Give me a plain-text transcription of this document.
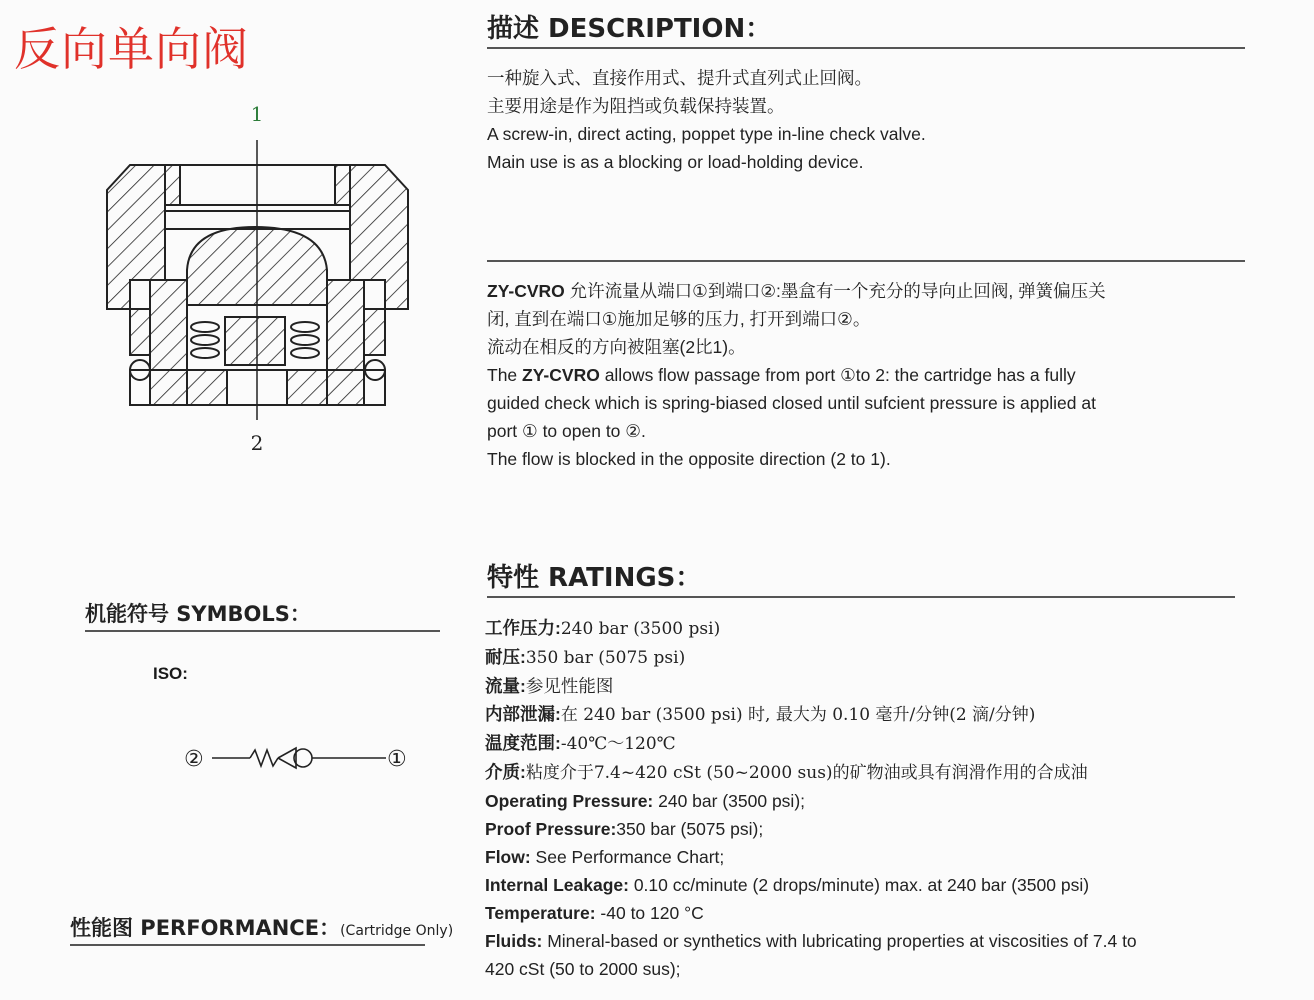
反向单向阀
1
2
描述 DESCRIPTION：
一种旋入式、直接作用式、提升式直列式止回阀。
主要用途是作为阻挡或负载保持装置。
A screw-in, direct acting, poppet type in-line check valve.
Main use is as a blocking or load-holding device.
ZY-CVRO 允许流量从端口①到端口②:墨盒有一个充分的导向止回阀, 弹簧偏压关
闭, 直到在端口①施加足够的压力, 打开到端口②。
流动在相反的方向被阻塞(2比1)。
The ZY-CVRO allows flow passage from port ①to 2: the cartridge has a fully
guided check which is spring-biased closed until sufcient pressure is applied at
port ① to open to ②.
The flow is blocked in the opposite direction (2 to 1).
机能符号 SYMBOLS：
ISO:
②	①
性能图 PERFORMANCE：(Cartridge Only)
特性 RATINGS：
工作压力:240 bar (3500 psi)
耐压:350 bar (5075 psi)
流量:参见性能图
内部泄漏:在 240 bar (3500 psi) 时, 最大为 0.10 毫升/分钟(2 滴/分钟)
温度范围:-40℃～120℃
介质:粘度介于7.4~420 cSt (50~2000 sus)的矿物油或具有润滑作用的合成油
Operating Pressure: 240 bar (3500 psi);
Proof Pressure:350 bar (5075 psi);
Flow: See Performance Chart;
Internal Leakage: 0.10 cc/minute (2 drops/minute) max. at 240 bar (3500 psi)
Temperature: -40 to 120 °C
Fluids: Mineral-based or synthetics with lubricating properties at viscosities of 7.4 to
420 cSt (50 to 2000 sus);
